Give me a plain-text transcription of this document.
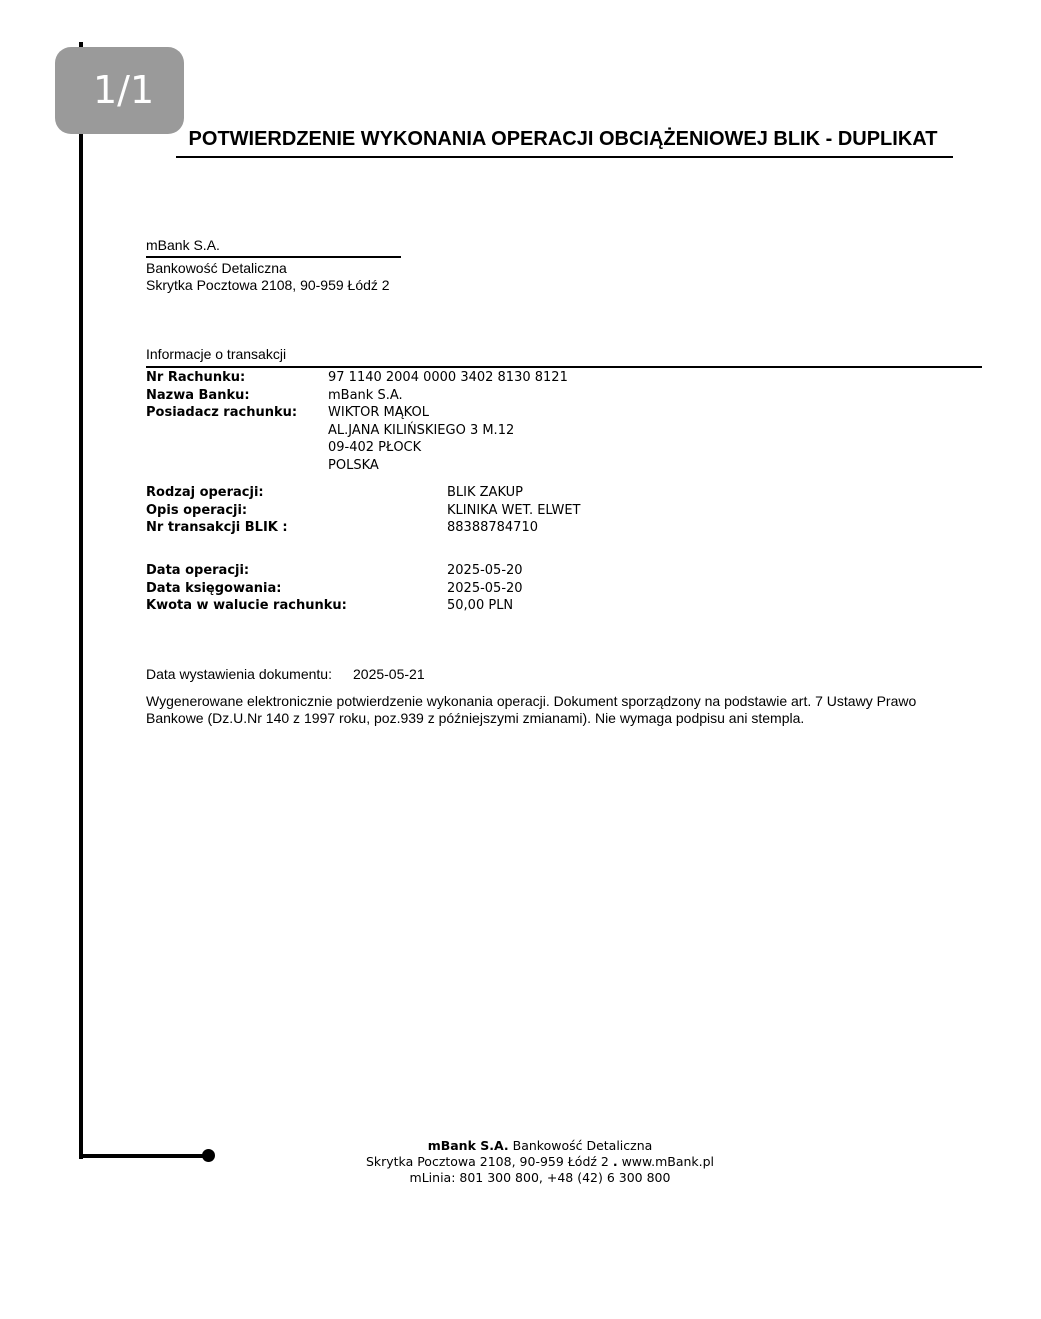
1/1
POTWIERDZENIE WYKONANIA OPERACJI OBCIĄŻENIOWEJ BLIK - DUPLIKAT
mBank S.A.
Bankowość Detaliczna
Skrytka Pocztowa 2108, 90-959 Łódź 2
Informacje o transakcji
Nr Rachunku:	97 1140 2004 0000 3402 8130 8121
Nazwa Banku:	mBank S.A.
Posiadacz rachunku: WIKTOR MĄKOL
AL.JANA KILIŃSKIEGO 3 M.12
09-402 PŁOCK
POLSKA
Rodzaj operacji:	BLIK ZAKUP
Opis operacji:	KLINIKA WET. ELWET
Nr transakcji BLIK :	88388784710
Data operacji:	2025-05-20
Data księgowania:	2025-05-20
Kwota w walucie rachunku:	50,00 PLN
Data wystawienia dokumentu: 2025-05-21
Wygenerowane elektronicznie potwierdzenie wykonania operacji. Dokument sporządzony na podstawie art. 7 Ustawy Prawo Bankowe (Dz.U.Nr 140 z 1997 roku, poz.939 z późniejszymi zmianami). Nie wymaga podpisu ani stempla.
mBank S.A. Bankowość Detaliczna
Skrytka Pocztowa 2108, 90-959 Łódź 2 . www.mBank.pl
mLinia: 801 300 800, +48 (42) 6 300 800
